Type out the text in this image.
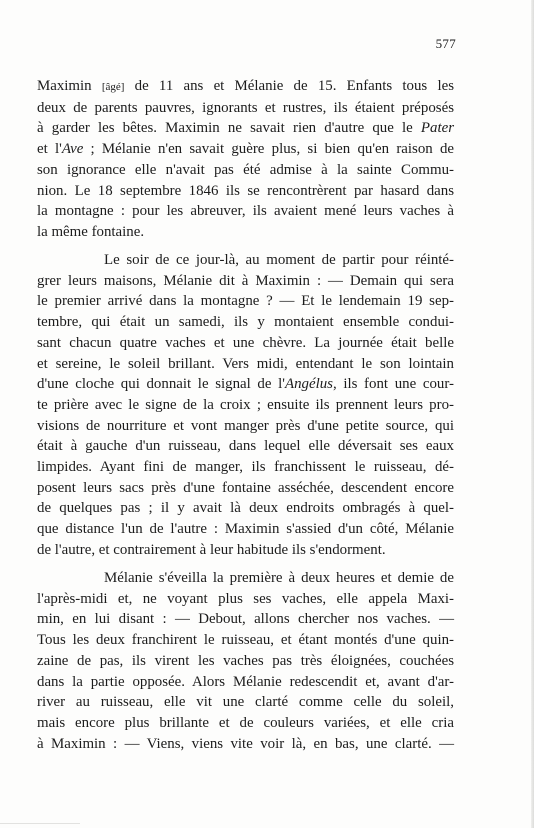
577
Maximin [âgé] de 11 ans et Mélanie de 15. Enfants tous les
deux de parents pauvres, ignorants et rustres, ils étaient préposés
à garder les bêtes. Maximin ne savait rien d'autre que le Pater
et l'Ave ; Mélanie n'en savait guère plus, si bien qu'en raison de
son ignorance elle n'avait pas été admise à la sainte Commu-
nion. Le 18 septembre 1846 ils se rencontrèrent par hasard dans
la montagne : pour les abreuver, ils avaient mené leurs vaches à
la même fontaine.
Le soir de ce jour-là, au moment de partir pour réinté-
grer leurs maisons, Mélanie dit à Maximin : — Demain qui sera
le premier arrivé dans la montagne ? — Et le lendemain 19 sep-
tembre, qui était un samedi, ils y montaient ensemble condui-
sant chacun quatre vaches et une chèvre. La journée était belle
et sereine, le soleil brillant. Vers midi, entendant le son lointain
d'une cloche qui donnait le signal de l'Angélus, ils font une cour-
te prière avec le signe de la croix ; ensuite ils prennent leurs pro-
visions de nourriture et vont manger près d'une petite source, qui
était à gauche d'un ruisseau, dans lequel elle déversait ses eaux
limpides. Ayant fini de manger, ils franchissent le ruisseau, dé-
posent leurs sacs près d'une fontaine asséchée, descendent encore
de quelques pas ; il y avait là deux endroits ombragés à quel-
que distance l'un de l'autre : Maximin s'assied d'un côté, Mélanie
de l'autre, et contrairement à leur habitude ils s'endorment.
Mélanie s'éveilla la première à deux heures et demie de
l'après-midi et, ne voyant plus ses vaches, elle appela Maxi-
min, en lui disant : — Debout, allons chercher nos vaches. —
Tous les deux franchirent le ruisseau, et étant montés d'une quin-
zaine de pas, ils virent les vaches pas très éloignées, couchées
dans la partie opposée. Alors Mélanie redescendit et, avant d'ar-
river au ruisseau, elle vit une clarté comme celle du soleil,
mais encore plus brillante et de couleurs variées, et elle cria
à Maximin : — Viens, viens vite voir là, en bas, une clarté. —
